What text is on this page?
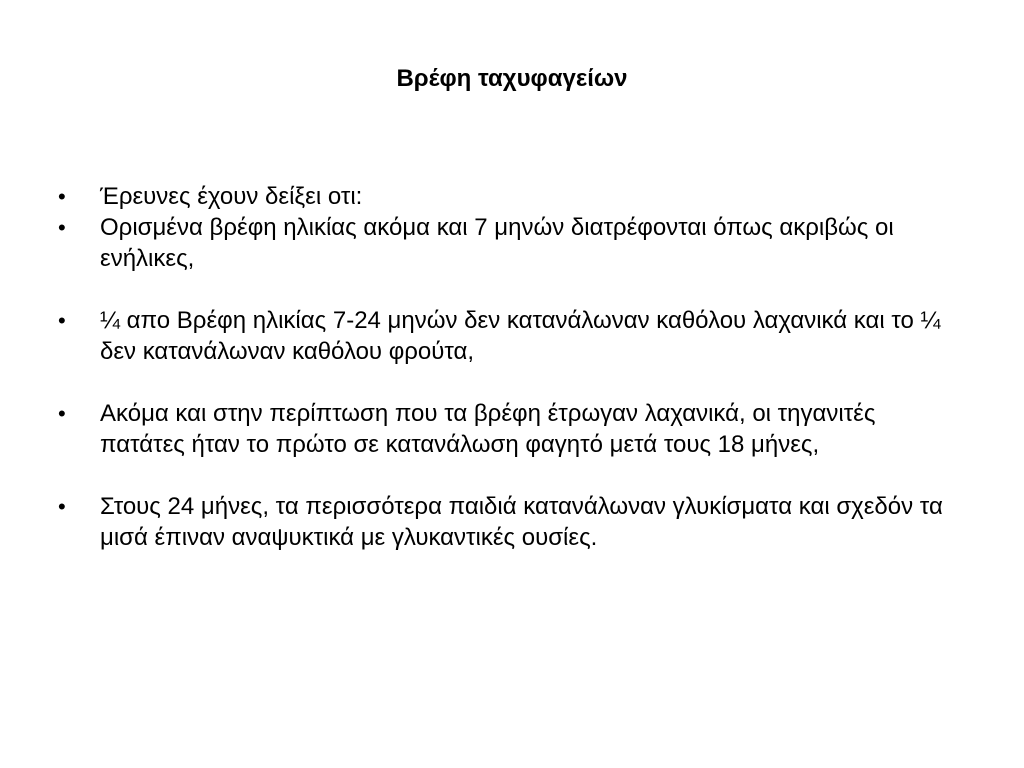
Βρέφη ταχυφαγείων
•	Έρευνες έχουν δείξει οτι:
•	Ορισμένα βρέφη ηλικίας ακόμα και 7 μηνών διατρέφονται όπως ακριβώς οι ενήλικες,
•	¼ απο Βρέφη ηλικίας 7-24 μηνών δεν κατανάλωναν καθόλου λαχανικά και το ¼ δεν κατανάλωναν καθόλου φρούτα,
•	Ακόμα και στην περίπτωση που τα βρέφη έτρωγαν λαχανικά, οι τηγανιτές πατάτες ήταν το πρώτο σε κατανάλωση φαγητό μετά τους 18 μήνες,
•	Στους 24 μήνες, τα περισσότερα παιδιά κατανάλωναν γλυκίσματα και σχεδόν τα μισά έπιναν αναψυκτικά με γλυκαντικές ουσίες.
